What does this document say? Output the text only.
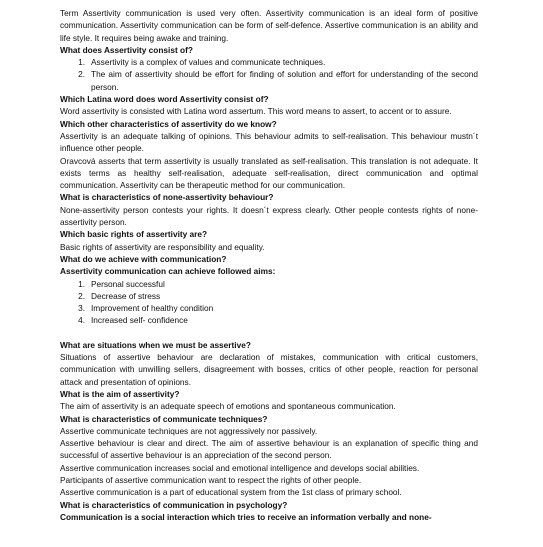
Term Assertivity communication is used very often. Assertivity communication is an ideal form of positive communication. Assertivity communication can be form of self-defence. Assertive communication is an ability and life style. It requires being awake and training.

What does Assertivity consist of?

1. Assertivity is a complex of values and communicate techniques.
2. The aim of assertivity should be effort for finding of solution and effort for understanding of the second person.

Which Latina word does word Assertivity consist of?

Word assertivity is consisted with Latina word assertum. This word means to assert, to accent or to assure.

Which other characteristics of assertivity do we know?

Assertivity is an adequate talking of opinions. This behaviour admits to self-realisation. This behaviour mustn´t influence other people.

Oravcová asserts that term assertivity is usually translated as self-realisation. This translation is not adequate. It exists terms as healthy self-realisation, adequate self-realisation, direct communication and optimal communication. Assertivity can be therapeutic method for our communication.

What is characteristics of none-assertivity behaviour?

None-assertivity person contests your rights. It doesn´t express clearly. Other people contests rights of none-assertivity person.

Which basic rights of assertivity are?

Basic rights of assertivity are responsibility and equality.

What do we achieve with communication?

Assertivity communication can achieve followed aims:

1. Personal successful
2. Decrease of stress
3. Improvement of healthy condition
4. Increased self- confidence

What are situations when we must be assertive?

Situations of assertive behaviour are declaration of mistakes, communication with critical customers, communication with unwilling sellers, disagreement with bosses, critics of other people, reaction for personal attack and presentation of opinions.

What is the aim of assertivity?

The aim of assertivity is an adequate speech of emotions and spontaneous communication.

What is characteristics of communicate techniques?

Assertive communicate techniques are not aggressively nor passively.

Assertive behaviour is clear and direct. The aim of assertive behaviour is an explanation of specific thing and successful of assertive behaviour is an appreciation of the second person.

Assertive communication increases social and emotional intelligence and develops social abilities.

Participants of assertive communication want to respect the rights of other people.

Assertive communication is a part of educational system from the 1st class of primary school.

What is characteristics of communication in psychology?

Communication is a social interaction which tries to receive an information verbally and none-
